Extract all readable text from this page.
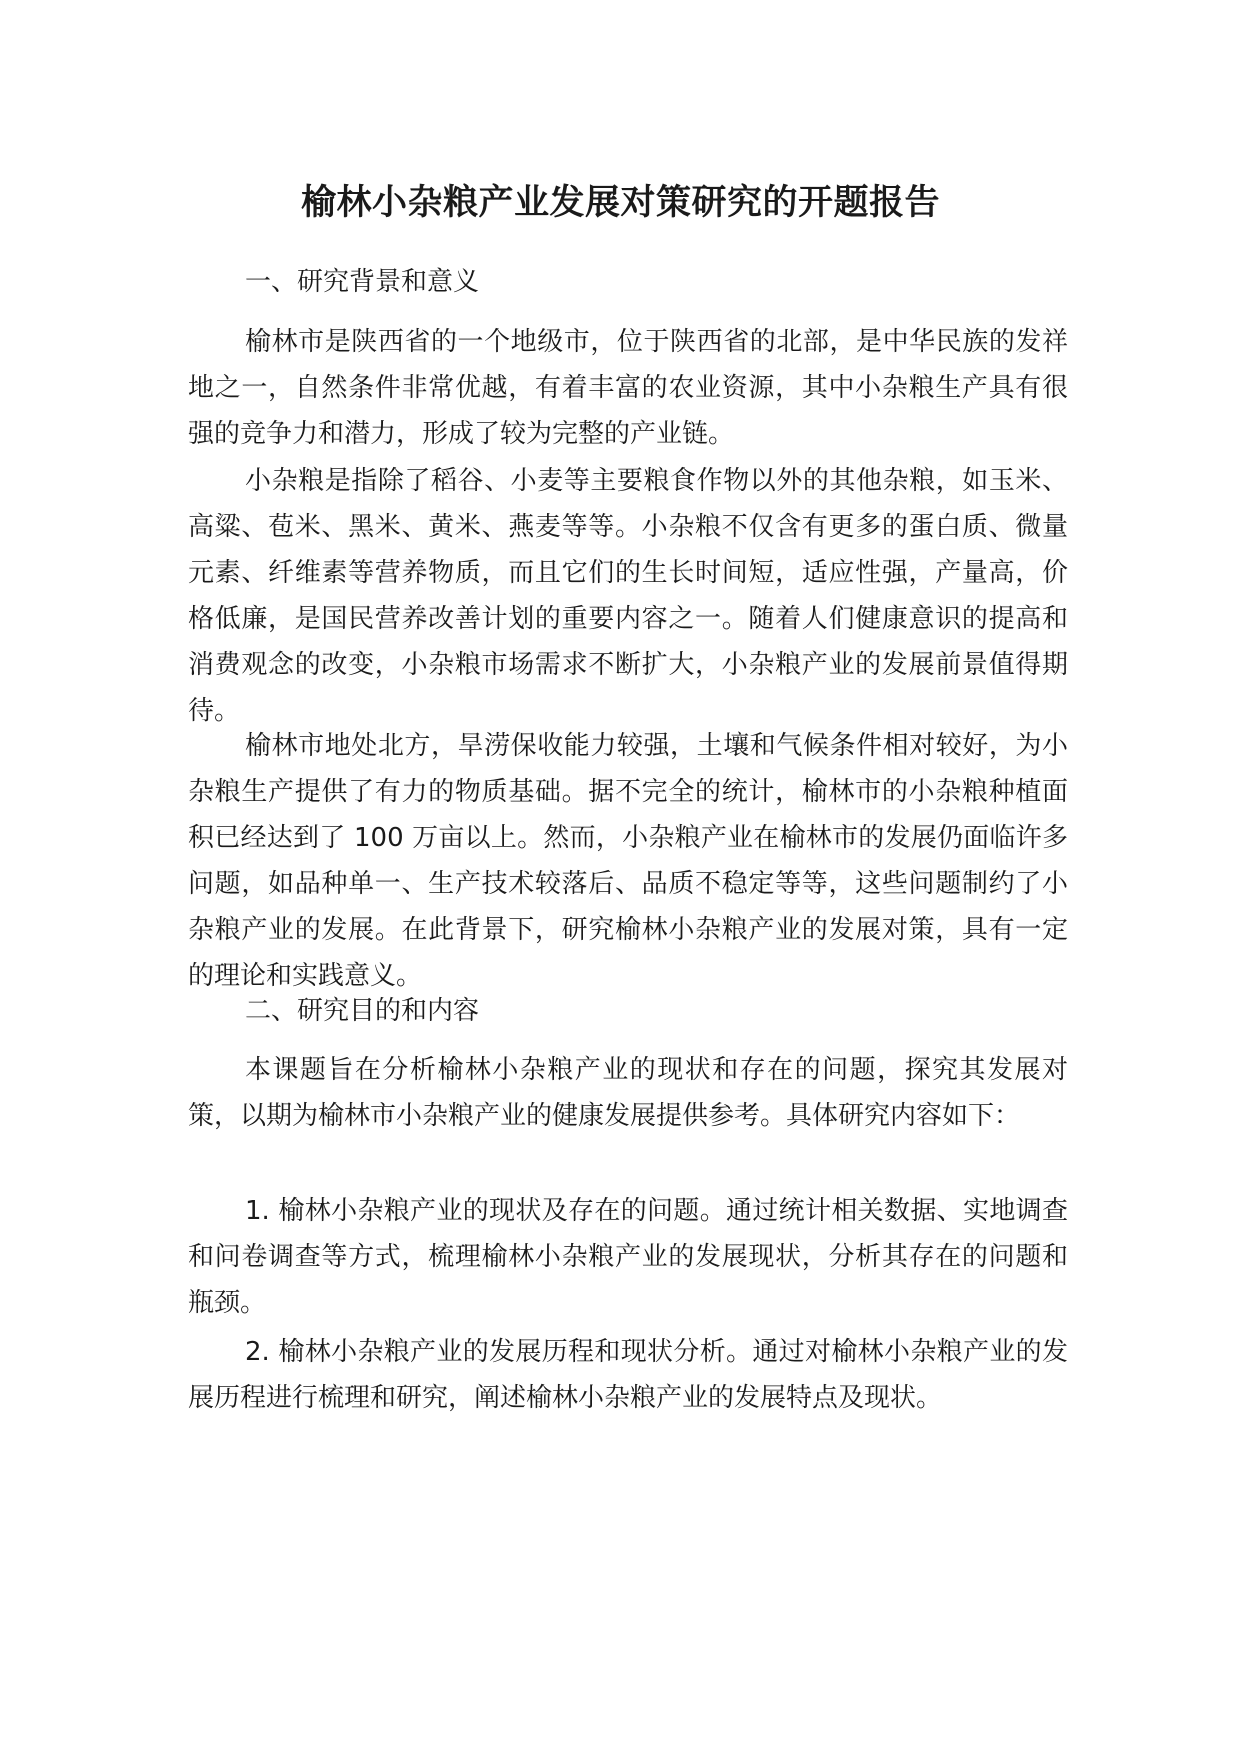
榆林小杂粮产业发展对策研究的开题报告

一、研究背景和意义

榆林市是陕西省的一个地级市，位于陕西省的北部，是中华民族的发祥地之一，自然条件非常优越，有着丰富的农业资源，其中小杂粮生产具有很强的竞争力和潜力，形成了较为完整的产业链。

小杂粮是指除了稻谷、小麦等主要粮食作物以外的其他杂粮，如玉米、高粱、苞米、黑米、黄米、燕麦等等。小杂粮不仅含有更多的蛋白质、微量元素、纤维素等营养物质，而且它们的生长时间短，适应性强，产量高，价格低廉，是国民营养改善计划的重要内容之一。随着人们健康意识的提高和消费观念的改变，小杂粮市场需求不断扩大，小杂粮产业的发展前景值得期待。

榆林市地处北方，旱涝保收能力较强，土壤和气候条件相对较好，为小杂粮生产提供了有力的物质基础。据不完全的统计，榆林市的小杂粮种植面积已经达到了 100 万亩以上。然而，小杂粮产业在榆林市的发展仍面临许多问题，如品种单一、生产技术较落后、品质不稳定等等，这些问题制约了小杂粮产业的发展。在此背景下，研究榆林小杂粮产业的发展对策，具有一定的理论和实践意义。

二、研究目的和内容

本课题旨在分析榆林小杂粮产业的现状和存在的问题，探究其发展对策，以期为榆林市小杂粮产业的健康发展提供参考。具体研究内容如下：

1. 榆林小杂粮产业的现状及存在的问题。通过统计相关数据、实地调查和问卷调查等方式，梳理榆林小杂粮产业的发展现状，分析其存在的问题和瓶颈。

2. 榆林小杂粮产业的发展历程和现状分析。通过对榆林小杂粮产业的发展历程进行梳理和研究，阐述榆林小杂粮产业的发展特点及现状。
